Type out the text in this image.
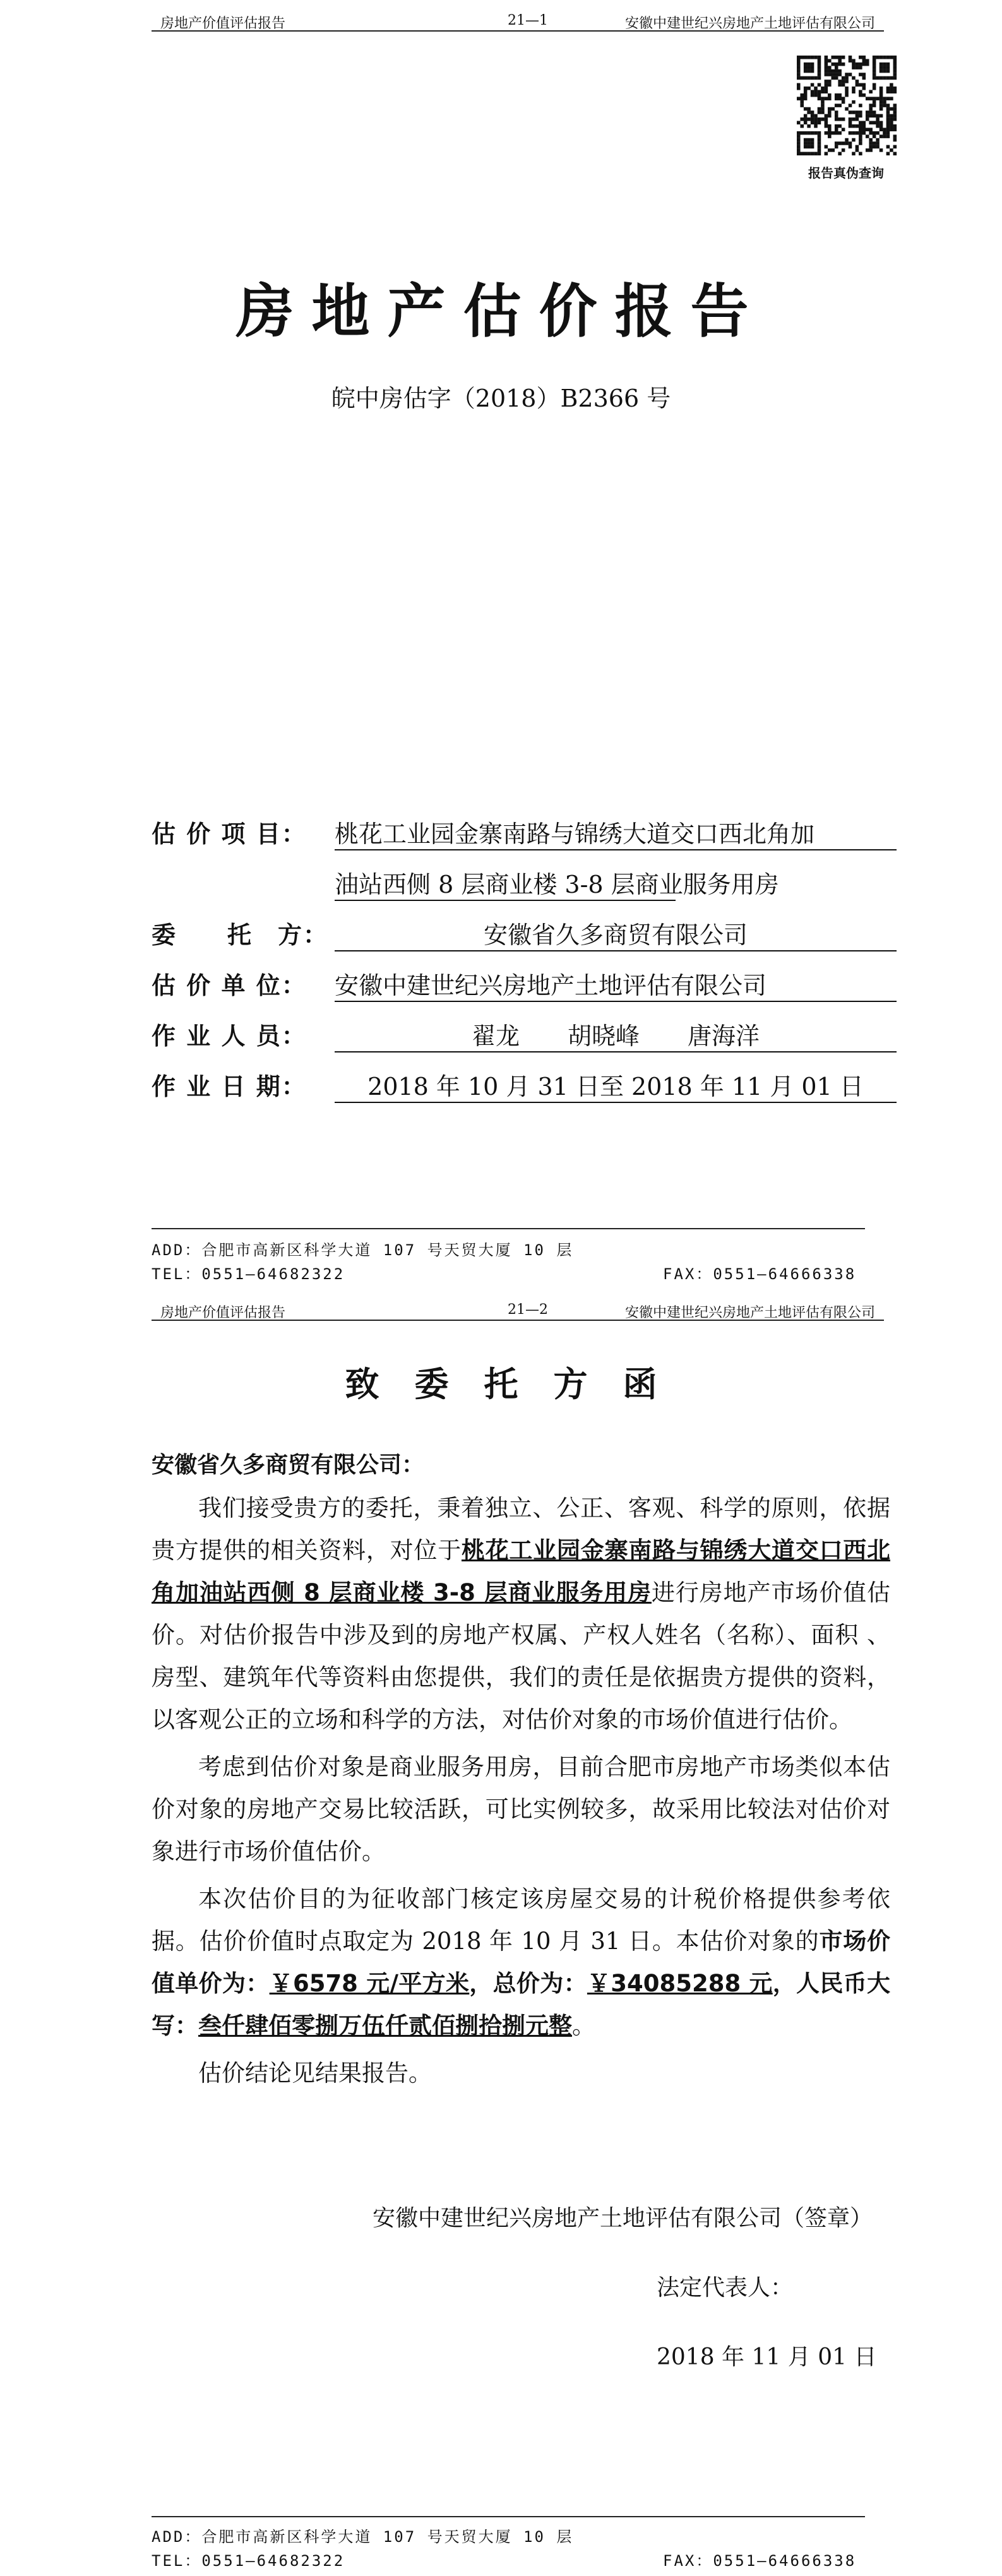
房地产价值评估报告	21—1	安徽中建世纪兴房地产土地评估有限公司
报告真伪查询
房地产估价报告
皖中房估字（2018）B2366 号
估 价 项 目：	桃花工业园金寨南路与锦绣大道交口西北角加
油站西侧 8 层商业楼 3-8 层商业服务用房
委　　托　方：	安徽省久多商贸有限公司
估 价 单 位：	安徽中建世纪兴房地产土地评估有限公司
作 业 人 员：	翟龙　　胡晓峰　　唐海洋
作 业 日 期：	2018 年 10 月 31 日至 2018 年 11 月 01 日
ADD：合肥市高新区科学大道 107 号天贸大厦 10 层
TEL：0551—64682322	FAX：0551—64666338
房地产价值评估报告	21—2	安徽中建世纪兴房地产土地评估有限公司
致委托方函
安徽省久多商贸有限公司：

我们接受贵方的委托，秉着独立、公正、客观、科学的原则，依据贵方提供的相关资料，对位于桃花工业园金寨南路与锦绣大道交口西北角加油站西侧 8 层商业楼 3-8 层商业服务用房进行房地产市场价值估价。对估价报告中涉及到的房地产权属、产权人姓名（名称）、面积 、房型、建筑年代等资料由您提供，我们的责任是依据贵方提供的资料，以客观公正的立场和科学的方法，对估价对象的市场价值进行估价。

考虑到估价对象是商业服务用房，目前合肥市房地产市场类似本估价对象的房地产交易比较活跃，可比实例较多，故采用比较法对估价对象进行市场价值估价。

本次估价目的为征收部门核定该房屋交易的计税价格提供参考依据。估价价值时点取定为 2018 年 10 月 31 日。本估价对象的市场价值单价为：￥6578 元/平方米，总价为：￥34085288 元，人民币大写：叁仟肆佰零捌万伍仟贰佰捌拾捌元整。

估价结论见结果报告。

安徽中建世纪兴房地产土地评估有限公司（签章）
法定代表人：
2018 年 11 月 01 日
ADD：合肥市高新区科学大道 107 号天贸大厦 10 层
TEL：0551—64682322	FAX：0551—64666338
